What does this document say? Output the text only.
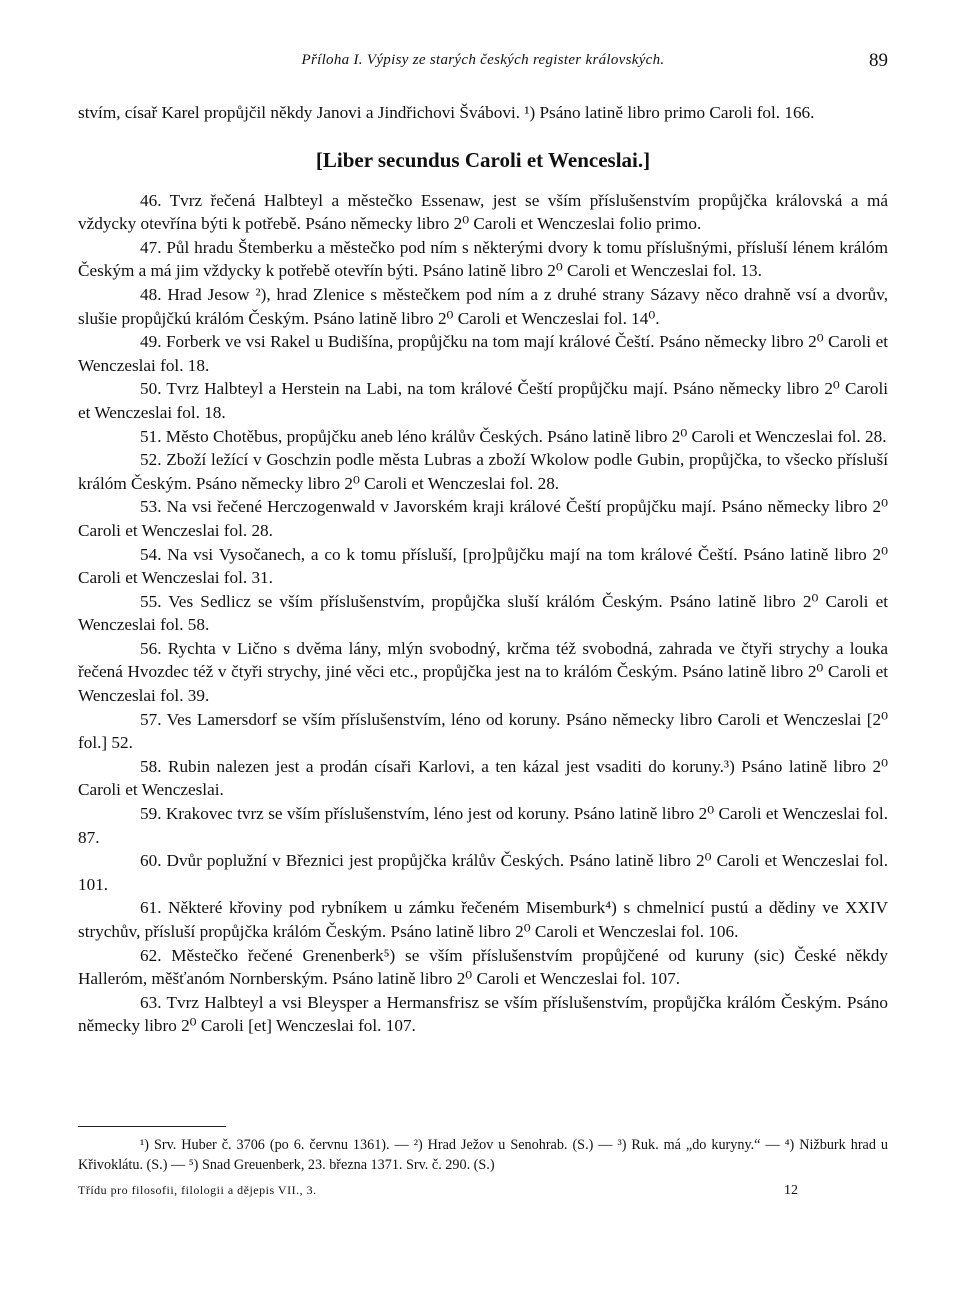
Příloha I. Výpisy ze starých českých register královských.	89

stvím, císař Karel propůjčil někdy Janovi a Jindřichovi Švábovi. ¹) Psáno latině libro primo Caroli fol. 166.

[Liber secundus Caroli et Wenceslai.]

46. Tvrz řečená Halbteyl a městečko Essenaw, jest se vším příslušenstvím propůjčka královská a má vždycky otevřína býti k potřebě. Psáno německy libro 2⁰ Caroli et Wenczeslai folio primo.

47. Půl hradu Štemberku a městečko pod ním s některými dvory k tomu příslušnými, přísluší lénem králóm Českým a má jim vždycky k potřebě otevřín býti. Psáno latině libro 2⁰ Caroli et Wenczeslai fol. 13.

48. Hrad Jesow ²), hrad Zlenice s městečkem pod ním a z druhé strany Sázavy něco drahně vsí a dvorův, slušie propůjčkú králóm Českým. Psáno latině libro 2⁰ Caroli et Wenczeslai fol. 14⁰.

49. Forberk ve vsi Rakel u Budišína, propůjčku na tom mají králové Čeští. Psáno německy libro 2⁰ Caroli et Wenczeslai fol. 18.

50. Tvrz Halbteyl a Herstein na Labi, na tom králové Čeští propůjčku mají. Psáno německy libro 2⁰ Caroli et Wenczeslai fol. 18.

51. Město Chotěbus, propůjčku aneb léno králův Českých. Psáno latině libro 2⁰ Caroli et Wenczeslai fol. 28.

52. Zboží ležící v Goschzin podle města Lubras a zboží Wkolow podle Gubin, propůjčka, to všecko přísluší králóm Českým. Psáno německy libro 2⁰ Caroli et Wenczeslai fol. 28.

53. Na vsi řečené Herczogenwald v Javorském kraji králové Čeští propůjčku mají. Psáno německy libro 2⁰ Caroli et Wenczeslai fol. 28.

54. Na vsi Vysočanech, a co k tomu přísluší, [pro]půjčku mají na tom králové Čeští. Psáno latině libro 2⁰ Caroli et Wenczeslai fol. 31.

55. Ves Sedlicz se vším příslušenstvím, propůjčka sluší králóm Českým. Psáno latině libro 2⁰ Caroli et Wenczeslai fol. 58.

56. Rychta v Lično s dvěma lány, mlýn svobodný, krčma též svobodná, zahrada ve čtyři strychy a louka řečená Hvozdec též v čtyři strychy, jiné věci etc., propůjčka jest na to králóm Českým. Psáno latině libro 2⁰ Caroli et Wenczeslai fol. 39.

57. Ves Lamersdorf se vším příslušenstvím, léno od koruny. Psáno německy libro Caroli et Wenczeslai [2⁰ fol.] 52.

58. Rubin nalezen jest a prodán císaři Karlovi, a ten kázal jest vsaditi do koruny.³) Psáno latině libro 2⁰ Caroli et Wenczeslai.

59. Krakovec tvrz se vším příslušenstvím, léno jest od koruny. Psáno latině libro 2⁰ Caroli et Wenczeslai fol. 87.

60. Dvůr poplužní v Březnici jest propůjčka králův Českých. Psáno latině libro 2⁰ Caroli et Wenczeslai fol. 101.

61. Některé křoviny pod rybníkem u zámku řečeném Misemburk⁴) s chmelnicí pustú a dědiny ve XXIV strychův, přísluší propůjčka králóm Českým. Psáno latině libro 2⁰ Caroli et Wenczeslai fol. 106.

62. Městečko řečené Grenenberk⁵) se vším příslušenstvím propůjčené od kuruny (sic) České někdy Halleróm, měšťanóm Nornberským. Psáno latině libro 2⁰ Caroli et Wenczeslai fol. 107.

63. Tvrz Halbteyl a vsi Bleysper a Hermansfrisz se vším příslušenstvím, propůjčka králóm Českým. Psáno německy libro 2⁰ Caroli [et] Wenczeslai fol. 107.

¹) Srv. Huber č. 3706 (po 6. červnu 1361). — ²) Hrad Ježov u Senohrab. (S.) — ³) Ruk. má „do kuryny.“ — ⁴) Nižburk hrad u Křivoklátu. (S.) — ⁵) Snad Greuenberk, 23. března 1371. Srv. č. 290. (S.)

Třídu pro filosofii, filologii a dějepis VII., 3.	12
